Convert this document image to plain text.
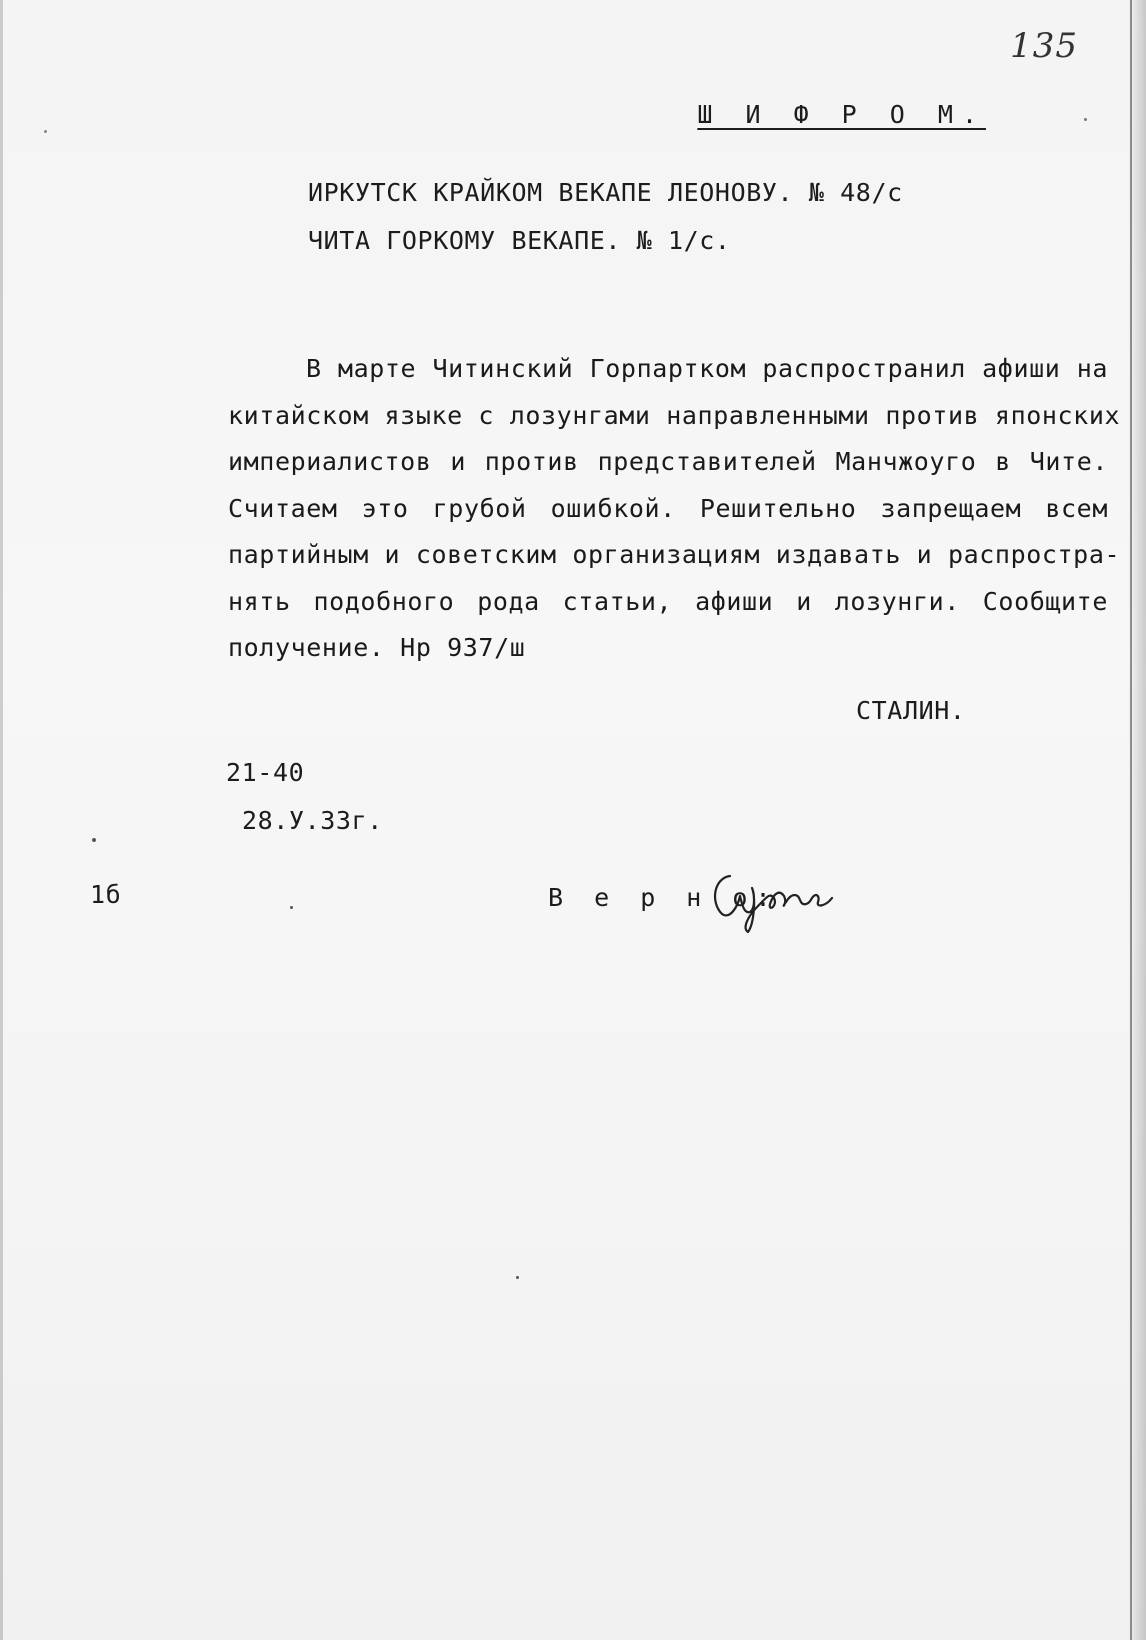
135
Ш И Ф Р О М.
ИРКУТСК КРАЙКОМ ВЕКАПЕ ЛЕОНОВУ. № 48/с
ЧИТА ГОРКОМУ ВЕКАПЕ. № 1/с.
В марте Читинский Горпартком распространил афиши на
китайском языке с лозунгами направленными против японских
империалистов и против представителей Манчжоуго в Чите.
Считаем это грубой ошибкой. Решительно запрещаем всем
партийным и советским организациям издавать и распростра-
нять подобного рода статьи, афиши и лозунги. Сообщите
получение. Нр 937/ш
СТАЛИН.
21-40
28.У.33г.
1б	В е р н о:
